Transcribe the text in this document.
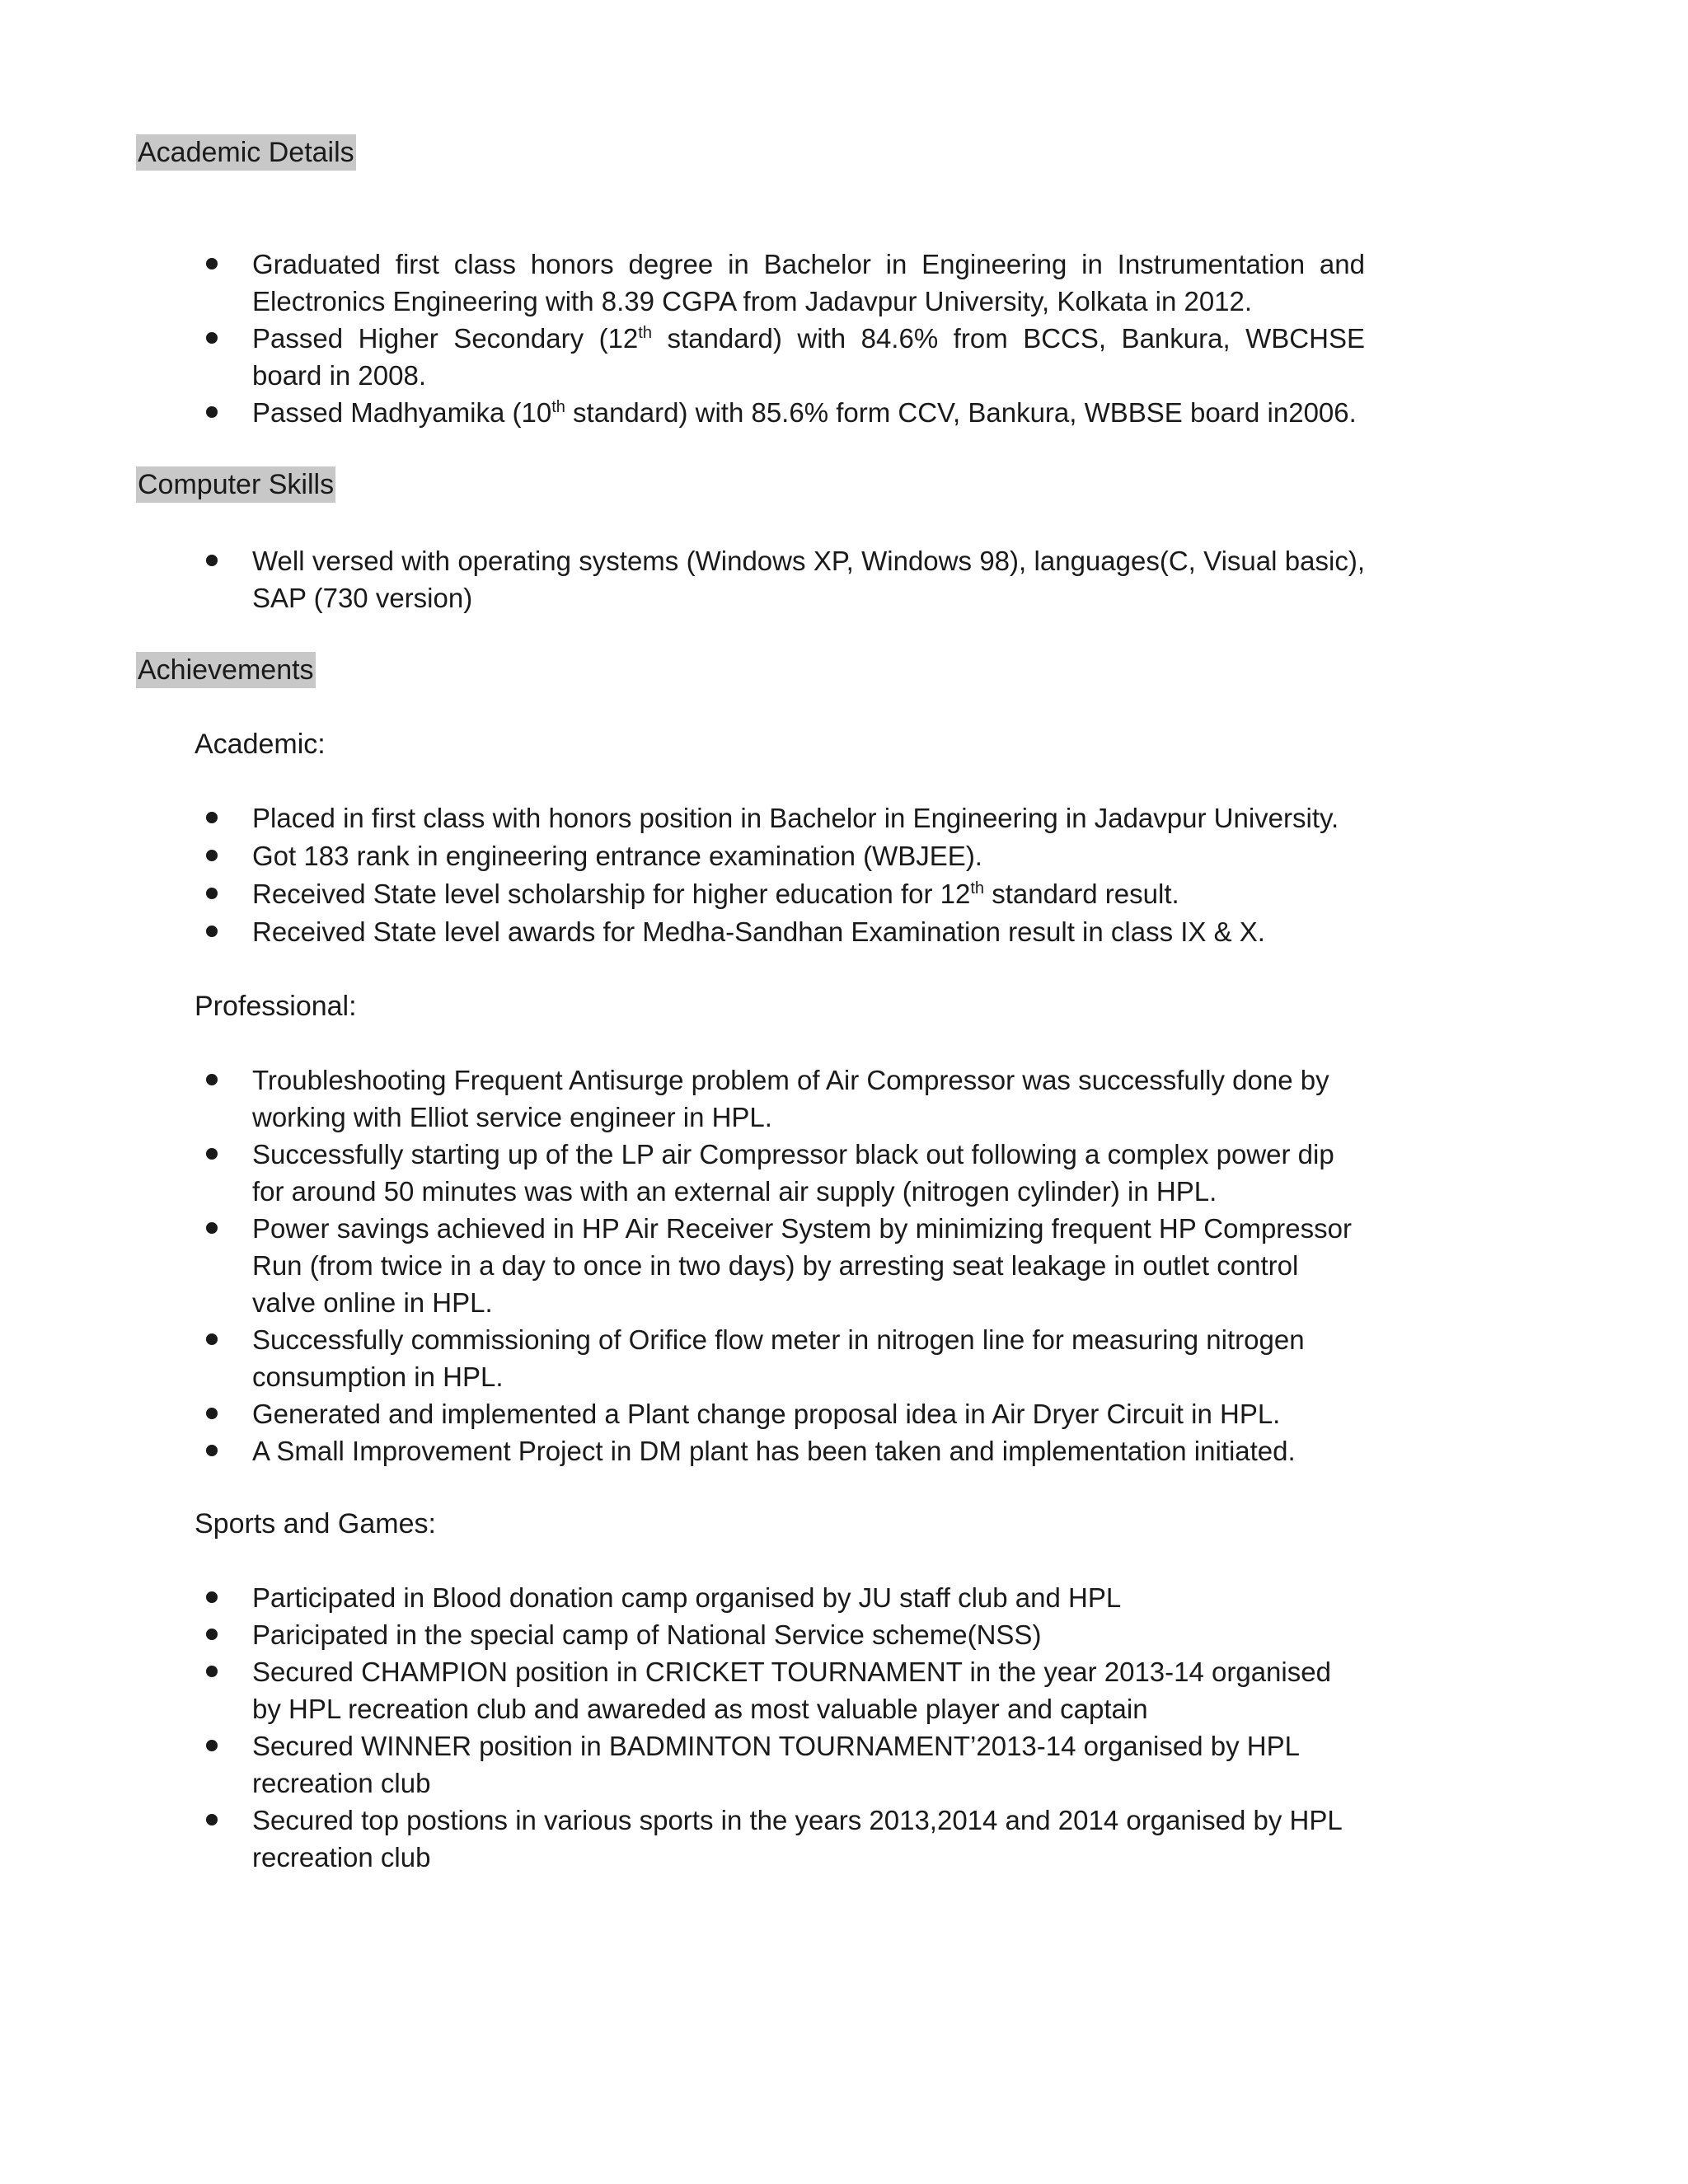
Academic Details
Graduated first class honors degree in Bachelor in Engineering in Instrumentation and Electronics Engineering with 8.39 CGPA from Jadavpur University, Kolkata in 2012.
Passed Higher Secondary (12th standard) with 84.6% from BCCS, Bankura, WBCHSE board in 2008.
Passed Madhyamika (10th standard) with 85.6% form CCV, Bankura, WBBSE board in2006.
Computer Skills
Well versed with operating systems (Windows XP, Windows 98), languages(C, Visual basic), SAP (730 version)
Achievements
Academic:
Placed in first class with honors position in Bachelor in Engineering in Jadavpur University.
Got 183 rank in engineering entrance examination (WBJEE).
Received State level scholarship for higher education for 12th standard result.
Received State level awards for Medha-Sandhan Examination result in class IX & X.
Professional:
Troubleshooting Frequent Antisurge problem of Air Compressor was successfully done by working with Elliot service engineer in HPL.
Successfully starting up of the LP air Compressor black out following a complex power dip for around 50 minutes was with an external air supply (nitrogen cylinder) in HPL.
Power savings achieved in HP Air Receiver System by minimizing frequent HP Compressor Run (from twice in a day to once in two days) by arresting seat leakage in outlet control valve online in HPL.
Successfully commissioning of Orifice flow meter in nitrogen line for measuring nitrogen consumption in HPL.
Generated and implemented a Plant change proposal idea in Air Dryer Circuit in HPL.
A Small Improvement Project in DM plant has been taken and implementation initiated.
Sports and Games:
Participated in Blood donation camp organised by JU staff club and HPL
Paricipated in the special camp of National Service scheme(NSS)
Secured CHAMPION position in CRICKET TOURNAMENT in the year 2013-14 organised by HPL recreation club and awareded as most valuable player and captain
Secured WINNER position in BADMINTON TOURNAMENT’2013-14 organised by HPL recreation club
Secured top postions in various sports in the years 2013,2014 and 2014 organised by HPL recreation club
